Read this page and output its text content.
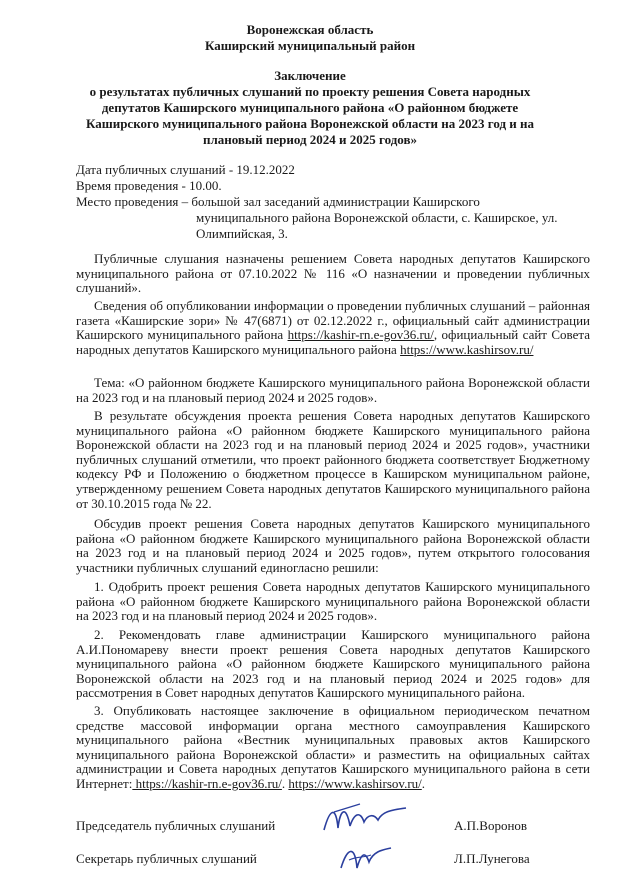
Воронежская область
Каширский муниципальный район
Заключение
о результатах публичных слушаний по проекту решения Совета народных
депутатов Каширского муниципального района «О районном бюджете
Каширского муниципального района Воронежской области на 2023 год и на
плановый период 2024 и 2025 годов»
Дата публичных слушаний - 19.12.2022
Время проведения - 10.00.
Место проведения – большой зал заседаний администрации Каширского
муниципального района Воронежской области, с. Каширское, ул.
Олимпийская, 3.
Публичные слушания назначены решением Совета народных депутатов Каширского муниципального района от 07.10.2022 № 116 «О назначении и проведении публичных слушаний».
Сведения об опубликовании информации о проведении публичных слушаний – районная газета «Каширские зори» № 47(6871) от 02.12.2022 г., официальный сайт администрации Каширского муниципального района https://kashir-rn.e-gov36.ru/, официальный сайт Совета народных депутатов Каширского муниципального района https://www.kashirsov.ru/
Тема: «О районном бюджете Каширского муниципального района Воронежской области на 2023 год и на плановый период 2024 и 2025 годов».
В результате обсуждения проекта решения Совета народных депутатов Каширского муниципального района «О районном бюджете Каширского муниципального района Воронежской области на 2023 год и на плановый период 2024 и 2025 годов», участники публичных слушаний отметили, что проект районного бюджета соответствует Бюджетному кодексу РФ и Положению о бюджетном процессе в Каширском муниципальном районе, утвержденному решением Совета народных депутатов Каширского муниципального района от 30.10.2015 года № 22.
Обсудив проект решения Совета народных депутатов Каширского муниципального района «О районном бюджете Каширского муниципального района Воронежской области на 2023 год и на плановый период 2024 и 2025 годов», путем открытого голосования участники публичных слушаний единогласно решили:
1. Одобрить проект решения Совета народных депутатов Каширского муниципального района «О районном бюджете Каширского муниципального района Воронежской области на 2023 год и на плановый период 2024 и 2025 годов».
2. Рекомендовать главе администрации Каширского муниципального района А.И.Пономареву внести проект решения Совета народных депутатов Каширского муниципального района «О районном бюджете Каширского муниципального района Воронежской области на 2023 год и на плановый период 2024 и 2025 годов» для рассмотрения в Совет народных депутатов Каширского муниципального района.
3. Опубликовать настоящее заключение в официальном периодическом печатном средстве массовой информации органа местного самоуправления Каширского муниципального района «Вестник муниципальных правовых актов Каширского муниципального района Воронежской области» и разместить на официальных сайтах администрации и Совета народных депутатов Каширского муниципального района в сети Интернет: https://kashir-rn.e-gov36.ru/. https://www.kashirsov.ru/.
Председатель публичных слушаний	А.П.Воронов
Секретарь публичных слушаний	Л.П.Лунегова
